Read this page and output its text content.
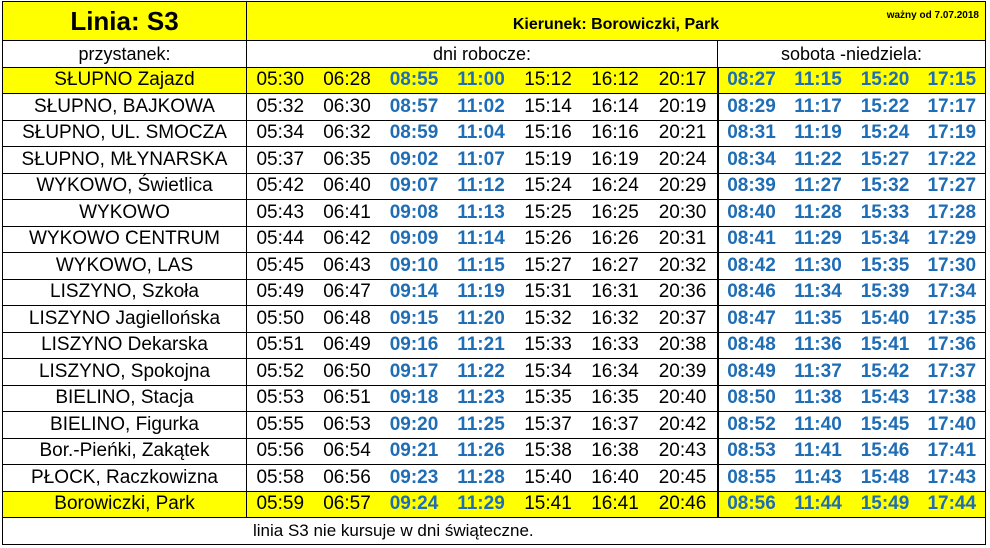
Linia: S3	Kierunek: Borowiczki, Park
ważny od 7.07.2018										

przystanek:	dni robocze:							sobota -niedziela:			
SŁUPNO Zajazd	05:30	06:28	08:55	11:00	15:12	16:12	20:17	08:27	11:15	15:20	17:15
SŁUPNO, BAJKOWA	05:32	06:30	08:57	11:02	15:14	16:14	20:19	08:29	11:17	15:22	17:17
SŁUPNO, UL. SMOCZA	05:34	06:32	08:59	11:04	15:16	16:16	20:21	08:31	11:19	15:24	17:19
SŁUPNO, MŁYNARSKA	05:37	06:35	09:02	11:07	15:19	16:19	20:24	08:34	11:22	15:27	17:22
WYKOWO, Świetlica	05:42	06:40	09:07	11:12	15:24	16:24	20:29	08:39	11:27	15:32	17:27
WYKOWO	05:43	06:41	09:08	11:13	15:25	16:25	20:30	08:40	11:28	15:33	17:28
WYKOWO CENTRUM	05:44	06:42	09:09	11:14	15:26	16:26	20:31	08:41	11:29	15:34	17:29
WYKOWO, LAS	05:45	06:43	09:10	11:15	15:27	16:27	20:32	08:42	11:30	15:35	17:30
LISZYNO, Szkoła	05:49	06:47	09:14	11:19	15:31	16:31	20:36	08:46	11:34	15:39	17:34
LISZYNO Jagiellońska	05:50	06:48	09:15	11:20	15:32	16:32	20:37	08:47	11:35	15:40	17:35
LISZYNO Dekarska	05:51	06:49	09:16	11:21	15:33	16:33	20:38	08:48	11:36	15:41	17:36
LISZYNO, Spokojna	05:52	06:50	09:17	11:22	15:34	16:34	20:39	08:49	11:37	15:42	17:37
BIELINO, Stacja	05:53	06:51	09:18	11:23	15:35	16:35	20:40	08:50	11:38	15:43	17:38
BIELINO, Figurka	05:55	06:53	09:20	11:25	15:37	16:37	20:42	08:52	11:40	15:45	17:40
Bor.-Pieńki, Zakątek	05:56	06:54	09:21	11:26	15:38	16:38	20:43	08:53	11:41	15:46	17:41
PŁOCK, Raczkowizna	05:58	06:56	09:23	11:28	15:40	16:40	20:45	08:55	11:43	15:48	17:43
Borowiczki, Park	05:59	06:57	09:24	11:29	15:41	16:41	20:46	08:56	11:44	15:49	17:44
linia S3 nie kursuje w dni świąteczne.											
